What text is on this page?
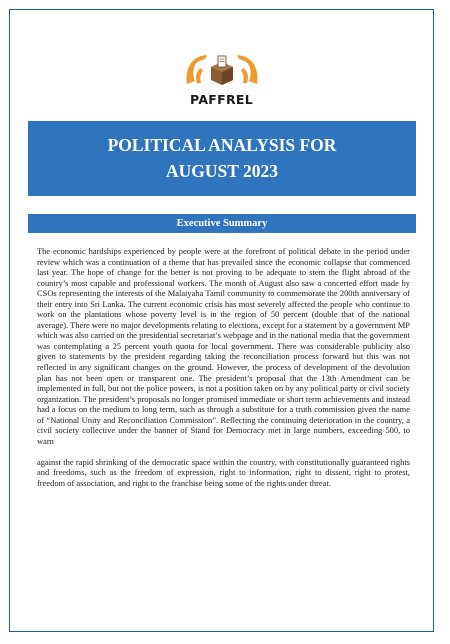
PAFFREL
POLITICAL ANALYSIS FOR
AUGUST 2023
Executive Summary

The economic hardships experienced by people were at the forefront of political debate in the period under review which was a continuation of a theme that has prevailed since the economic collapse that commenced last year. The hope of change for the better is not proving to be adequate to stem the flight abroad of the country’s most capable and professional workers. The month of August also saw a concerted effort made by CSOs representing the interests of the Malaiyaha Tamil community to commemorate the 200th anniversary of their entry into Sri Lanka. The current economic crisis has most severely affected the people who continue to work on the plantations whose poverty level is in the region of 50 percent (double that of the national average). There were no major developments relating to elections, except for a statement by a government MP which was also carried on the presidential secretariat’s webpage and in the national media that the government was contemplating a 25 percent youth quota for local government. There was considerable publicity also given to statements by the president regarding taking the reconciliation process forward but this was not reflected in any significant changes on the ground. However, the process of development of the devolution plan has not been open or transparent one. The president’s proposal that the 13th Amendment can be implemented in full, but not the police powers, is not a position taken on by any political party or civil society organization. The president’s proposals no longer promised immediate or short term achievements and instead had a focus on the medium to long term, such as through a substitute for a truth commission given the name of “National Unity and Reconciliation Commission”. Reflecting the continuing deterioration in the country, a civil society collective under the banner of Stand for Democracy met in large numbers, exceeding 500, to warn

against the rapid shrinking of the democratic space within the country, with constitutionally guaranteed rights and freedoms, such as the freedom of expression, right to information, right to dissent, right to protest, freedom of association, and right to the franchise being some of the rights under threat.
